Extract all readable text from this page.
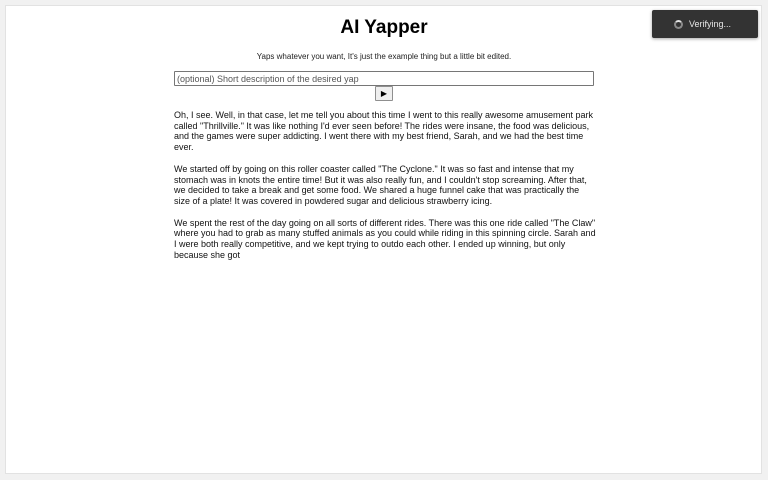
AI Yapper
Yaps whatever you want, It's just the example thing but a little bit edited.
(optional) Short description of the desired yap
▶

Oh, I see. Well, in that case, let me tell you about this time I went to this really awesome amusement park called "Thrillville." It was like nothing I'd ever seen before! The rides were insane, the food was delicious, and the games were super addicting. I went there with my best friend, Sarah, and we had the best time ever.

We started off by going on this roller coaster called "The Cyclone." It was so fast and intense that my stomach was in knots the entire time! But it was also really fun, and I couldn't stop screaming. After that, we decided to take a break and get some food. We shared a huge funnel cake that was practically the size of a plate! It was covered in powdered sugar and delicious strawberry icing.

We spent the rest of the day going on all sorts of different rides. There was this one ride called "The Claw" where you had to grab as many stuffed animals as you could while riding in this spinning circle. Sarah and I were both really competitive, and we kept trying to outdo each other. I ended up winning, but only because she got

Verifying...
